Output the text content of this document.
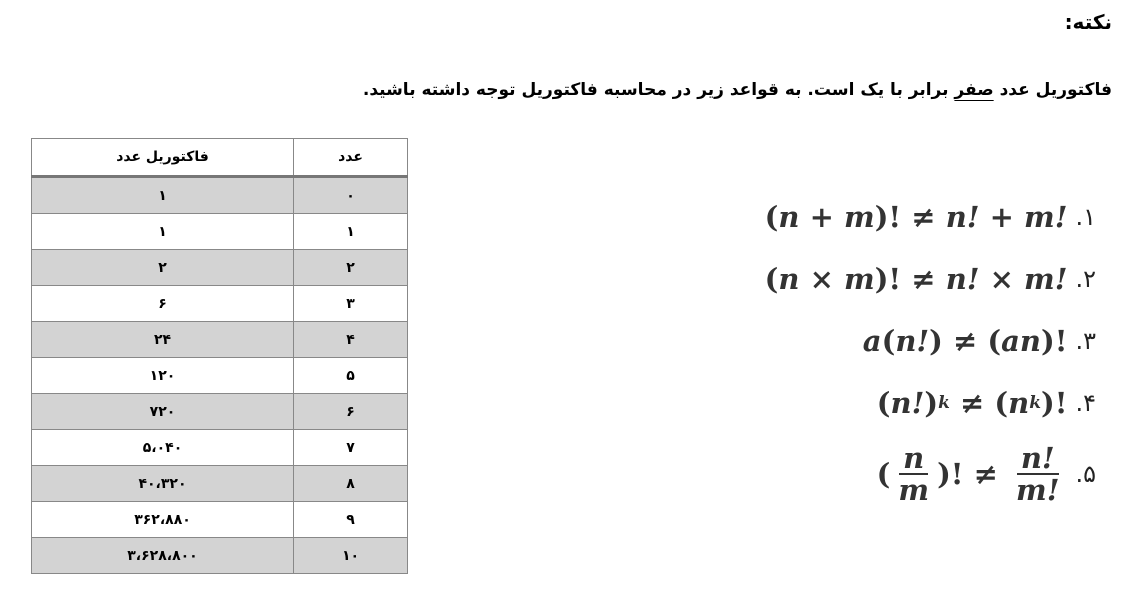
نکته:

فاکتوریل عدد صفر برابر با یک است. به قواعد زیر در محاسبه فاکتوریل توجه داشته باشید.

عدد	فاکتوریل عدد
۰	۱
۱	۱
۲	۲
۳	۶
۴	۲۴
۵	۱۲۰
۶	۷۲۰
۷	۵،۰۴۰
۸	۴۰،۳۲۰
۹	۳۶۲،۸۸۰
۱۰	۳،۶۲۸،۸۰۰
۱.
( n
+
m )!
≠
n!
+
m!
۲.
( n
×
m )!
≠
n!
×
m!
۳.
a ( n! )
≠
( an )!
۴.
( n! ) k
≠
( n k )!
۵.
( $\frac{n}{m}$ )!
≠
$\frac{n!}{m!}$
